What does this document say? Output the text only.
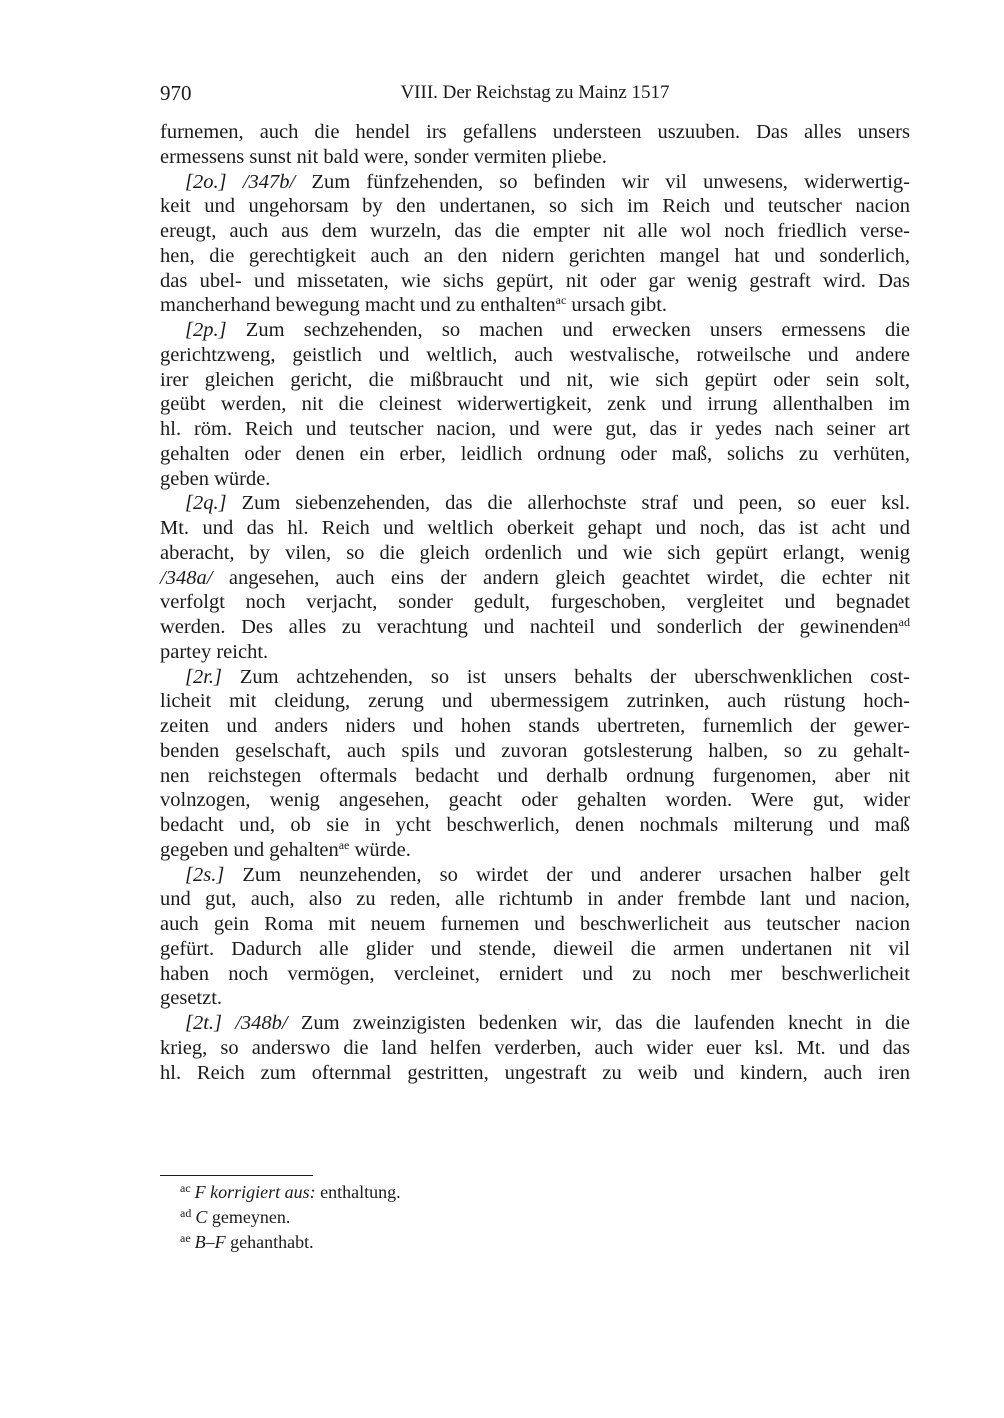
970	VIII. Der Reichstag zu Mainz 1517
furnemen, auch die hendel irs gefallens understeen uszuuben. Das alles unsers
ermessens sunst nit bald were, sonder vermiten pliebe.
[2o.] /347b/ Zum fünfzehenden, so befinden wir vil unwesens, widerwertig-
keit und ungehorsam by den undertanen, so sich im Reich und teutscher nacion
ereugt, auch aus dem wurzeln, das die empter nit alle wol noch friedlich verse-
hen, die gerechtigkeit auch an den nidern gerichten mangel hat und sonderlich,
das ubel- und missetaten, wie sichs gepürt, nit oder gar wenig gestraft wird. Das
mancherhand bewegung macht und zu enthalten$^{ac}$ ursach gibt.
[2p.] Zum sechzehenden, so machen und erwecken unsers ermessens die
gerichtzweng, geistlich und weltlich, auch westvalische, rotweilsche und andere
irer gleichen gericht, die mißbraucht und nit, wie sich gepürt oder sein solt,
geübt werden, nit die cleinest widerwertigkeit, zenk und irrung allenthalben im
hl. röm. Reich und teutscher nacion, und were gut, das ir yedes nach seiner art
gehalten oder denen ein erber, leidlich ordnung oder maß, solichs zu verhüten,
geben würde.
[2q.] Zum siebenzehenden, das die allerhochste straf und peen, so euer ksl.
Mt. und das hl. Reich und weltlich oberkeit gehapt und noch, das ist acht und
aberacht, by vilen, so die gleich ordenlich und wie sich gepürt erlangt, wenig
/348a/ angesehen, auch eins der andern gleich geachtet wirdet, die echter nit
verfolgt noch verjacht, sonder gedult, furgeschoben, vergleitet und begnadet
werden. Des alles zu verachtung und nachteil und sonderlich der gewinenden$^{ad}$
partey reicht.
[2r.] Zum achtzehenden, so ist unsers behalts der uberschwenklichen cost-
licheit mit cleidung, zerung und ubermessigem zutrinken, auch rüstung hoch-
zeiten und anders niders und hohen stands ubertreten, furnemlich der gewer-
benden geselschaft, auch spils und zuvoran gotslesterung halben, so zu gehalt-
nen reichstegen oftermals bedacht und derhalb ordnung furgenomen, aber nit
volnzogen, wenig angesehen, geacht oder gehalten worden. Were gut, wider
bedacht und, ob sie in ycht beschwerlich, denen nochmals milterung und maß
gegeben und gehalten$^{ae}$ würde.
[2s.] Zum neunzehenden, so wirdet der und anderer ursachen halber gelt
und gut, auch, also zu reden, alle richtumb in ander frembde lant und nacion,
auch gein Roma mit neuem furnemen und beschwerlicheit aus teutscher nacion
gefürt. Dadurch alle glider und stende, dieweil die armen undertanen nit vil
haben noch vermögen, vercleinet, ernidert und zu noch mer beschwerlicheit
gesetzt.
[2t.] /348b/ Zum zweinzigisten bedenken wir, das die laufenden knecht in die
krieg, so anderswo die land helfen verderben, auch wider euer ksl. Mt. und das
hl. Reich zum ofternmal gestritten, ungestraft zu weib und kindern, auch iren
$^{ac}$ F korrigiert aus: enthaltung.
$^{ad}$ C gemeynen.
$^{ae}$ B–F gehanthabt.
